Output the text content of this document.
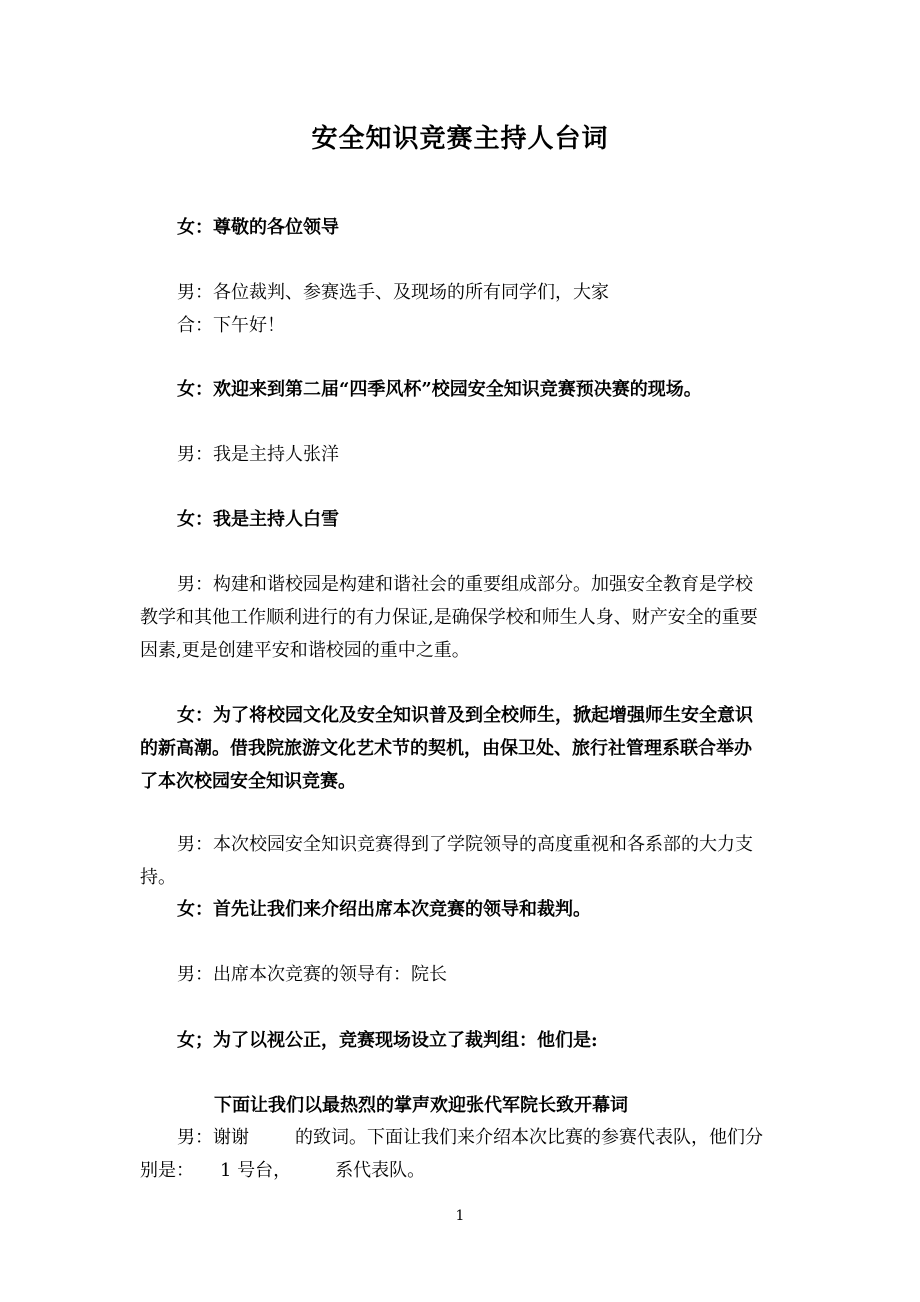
安全知识竞赛主持人台词
女：尊敬的各位领导
男：各位裁判、参赛选手、及现场的所有同学们，大家
合：下午好！
女：欢迎来到第二届“四季风杯”校园安全知识竞赛预决赛的现场。
男：我是主持人张洋
女：我是主持人白雪
男：构建和谐校园是构建和谐社会的重要组成部分。加强安全教育是学校
教学和其他工作顺利进行的有力保证,是确保学校和师生人身、财产安全的重要
因素,更是创建平安和谐校园的重中之重。
女：为了将校园文化及安全知识普及到全校师生，掀起增强师生安全意识
的新高潮。借我院旅游文化艺术节的契机，由保卫处、旅行社管理系联合举办
了本次校园安全知识竞赛。
男：本次校园安全知识竞赛得到了学院领导的高度重视和各系部的大力支
持。
女：首先让我们来介绍出席本次竞赛的领导和裁判。
男：出席本次竞赛的领导有：院长
女；为了以视公正，竞赛现场设立了裁判组：他们是:
下面让我们以最热烈的掌声欢迎张代军院长致开幕词
男：谢谢	的致词。下面让我们来介绍本次比赛的参赛代表队，他们分
别是： 1 号台， 系代表队。
1
